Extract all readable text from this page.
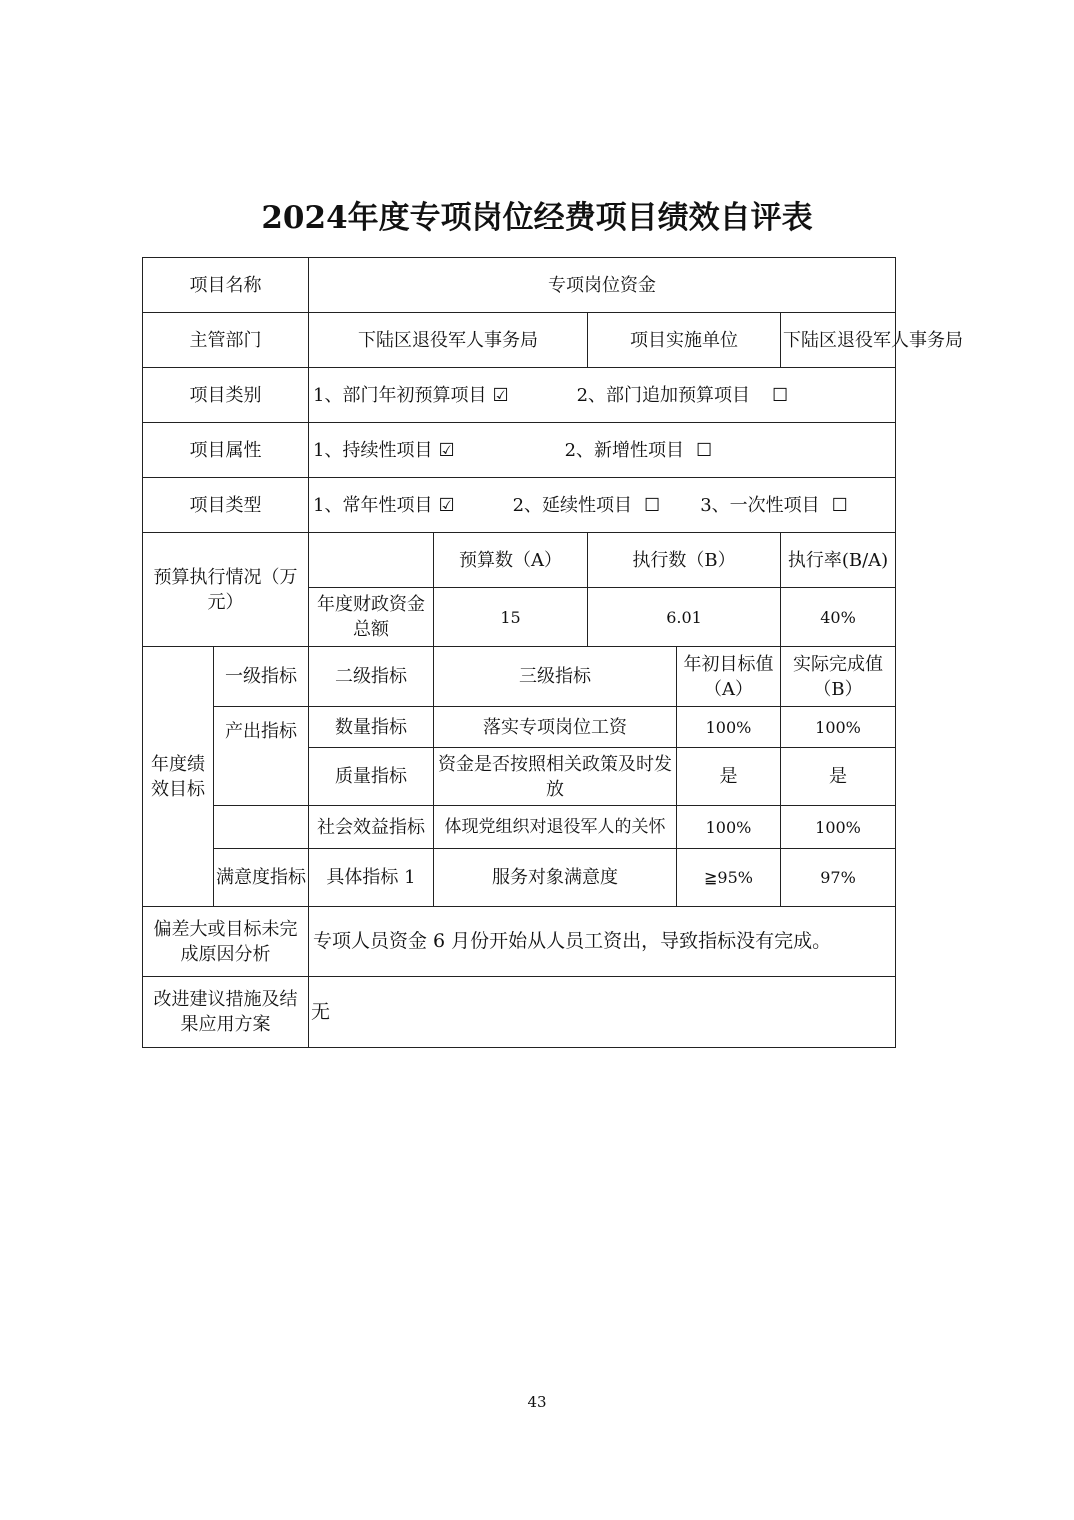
2024年度专项岗位经费项目绩效自评表
项目名称		专项岗位资金				
主管部门		下陆区退役军人事务局		项目实施单位		下陆区退役军人事务局
项目类别		1、部门年初预算项目 ☑ 2、部门追加预算项目 ☐				
项目属性		1、持续性项目 ☑ 2、新增性项目 ☐				
项目类型		1、常年性项目 ☑ 2、延续性项目 ☐ 3、一次性项目 ☐				
预算执行情况（万元）			预算数（A）	执行数（B）		执行率(B/A)
		年度财政资金总额	15	6.01		40%
年度绩效目标	一级指标	二级指标	三级指标		年初目标值（A）	实际完成值（B）
	产出指标	数量指标	落实专项岗位工资		100%	100%
		质量指标	资金是否按照相关政策及时发放		是	是
		社会效益指标	体现党组织对退役军人的关怀		100%	100%
	满意度指标	具体指标 1	服务对象满意度		≧95%	97%

偏差大或目标未完成原因分析		专项人员资金 6 月份开始从人员工资出，导致指标没有完成。				
改进建议措施及结果应用方案		无				
43
